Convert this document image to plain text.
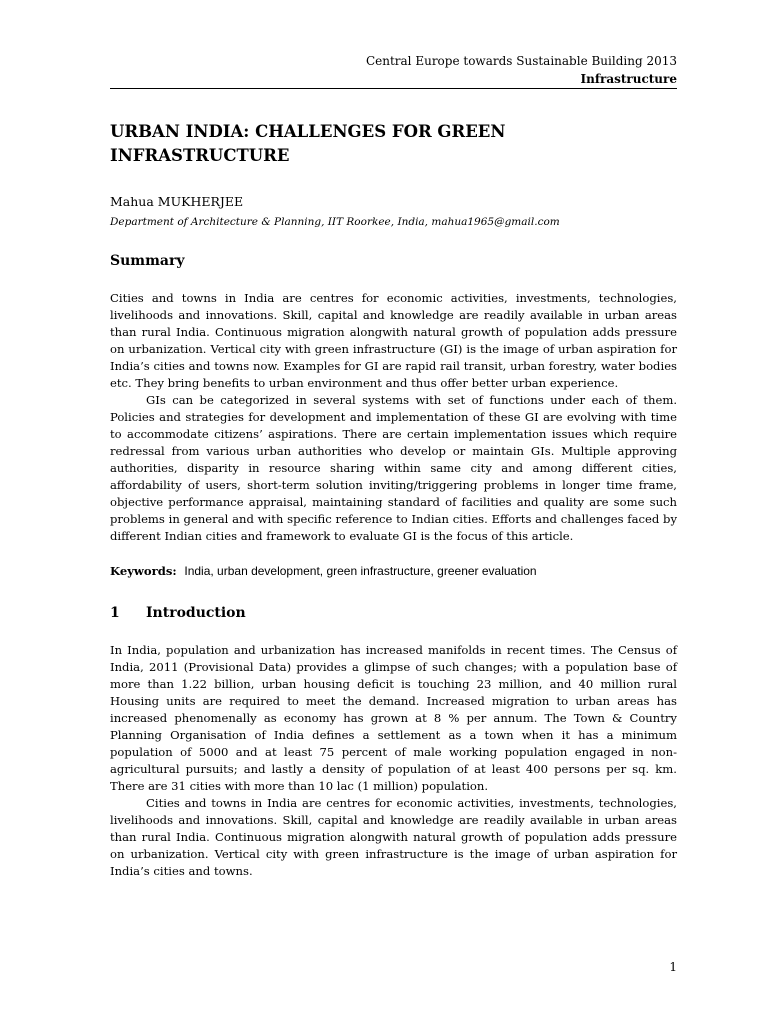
Central Europe towards Sustainable Building 2013
Infrastructure
URBAN INDIA: CHALLENGES FOR GREEN INFRASTRUCTURE

Mahua MUKHERJEE

Department of Architecture & Planning, IIT Roorkee, India, mahua1965@gmail.com

Summary

Cities and towns in India are centres for economic activities, investments, technologies, livelihoods and innovations. Skill, capital and knowledge are readily available in urban areas than rural India. Continuous migration alongwith natural growth of population adds pressure on urbanization. Vertical city with green infrastructure (GI) is the image of urban aspiration for India’s cities and towns now. Examples for GI are rapid rail transit, urban forestry, water bodies etc. They bring benefits to urban environment and thus offer better urban experience.

GIs can be categorized in several systems with set of functions under each of them. Policies and strategies for development and implementation of these GI are evolving with time to accommodate citizens’ aspirations. There are certain implementation issues which require redressal from various urban authorities who develop or maintain GIs. Multiple approving authorities, disparity in resource sharing within same city and among different cities, affordability of users, short-term solution inviting/triggering problems in longer time frame, objective performance appraisal, maintaining standard of facilities and quality are some such problems in general and with specific reference to Indian cities. Efforts and challenges faced by different Indian cities and framework to evaluate GI is the focus of this article.

Keywords: India, urban development, green infrastructure, greener evaluation

1 Introduction

In India, population and urbanization has increased manifolds in recent times. The Census of India, 2011 (Provisional Data) provides a glimpse of such changes; with a population base of more than 1.22 billion, urban housing deficit is touching 23 million, and 40 million rural Housing units are required to meet the demand. Increased migration to urban areas has increased phenomenally as economy has grown at 8 % per annum. The Town & Country Planning Organisation of India defines a settlement as a town when it has a minimum population of 5000 and at least 75 percent of male working population engaged in non-agricultural pursuits; and lastly a density of population of at least 400 persons per sq. km. There are 31 cities with more than 10 lac (1 million) population.

Cities and towns in India are centres for economic activities, investments, technologies, livelihoods and innovations. Skill, capital and knowledge are readily available in urban areas than rural India. Continuous migration alongwith natural growth of population adds pressure on urbanization. Vertical city with green infrastructure is the image of urban aspiration for India’s cities and towns.

1
